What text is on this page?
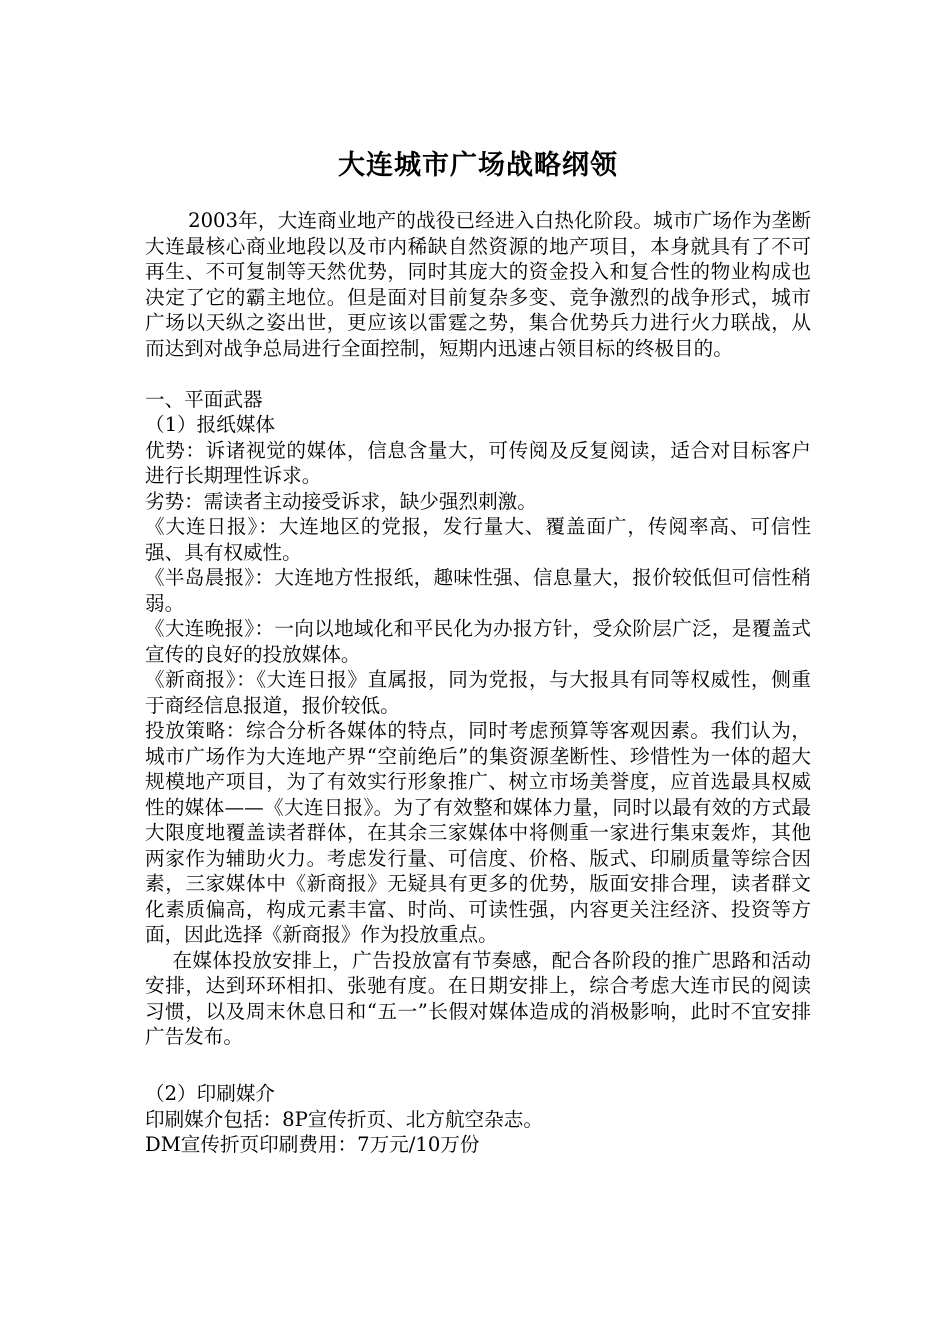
大连城市广场战略纲领

2003年，大连商业地产的战役已经进入白热化阶段。城市广场作为垄断大连最核心商业地段以及市内稀缺自然资源的地产项目，本身就具有了不可再生、不可复制等天然优势，同时其庞大的资金投入和复合性的物业构成也决定了它的霸主地位。但是面对目前复杂多变、竞争激烈的战争形式，城市广场以天纵之姿出世，更应该以雷霆之势，集合优势兵力进行火力联战，从而达到对战争总局进行全面控制，短期内迅速占领目标的终极目的。

一、平面武器

（1）报纸媒体

优势：诉诸视觉的媒体，信息含量大，可传阅及反复阅读，适合对目标客户进行长期理性诉求。

劣势：需读者主动接受诉求，缺少强烈刺激。

《大连日报》：大连地区的党报，发行量大、覆盖面广，传阅率高、可信性强、具有权威性。

《半岛晨报》：大连地方性报纸，趣味性强、信息量大，报价较低但可信性稍弱。

《大连晚报》：一向以地域化和平民化为办报方针，受众阶层广泛，是覆盖式宣传的良好的投放媒体。

《新商报》：《大连日报》直属报，同为党报，与大报具有同等权威性，侧重于商经信息报道，报价较低。

投放策略：综合分析各媒体的特点，同时考虑预算等客观因素。我们认为，城市广场作为大连地产界“空前绝后”的集资源垄断性、珍惜性为一体的超大规模地产项目，为了有效实行形象推广、树立市场美誉度，应首选最具权威性的媒体——《大连日报》。为了有效整和媒体力量，同时以最有效的方式最大限度地覆盖读者群体，在其余三家媒体中将侧重一家进行集束轰炸，其他两家作为辅助火力。考虑发行量、可信度、价格、版式、印刷质量等综合因素，三家媒体中《新商报》无疑具有更多的优势，版面安排合理，读者群文化素质偏高，构成元素丰富、时尚、可读性强，内容更关注经济、投资等方面，因此选择《新商报》作为投放重点。

在媒体投放安排上，广告投放富有节奏感，配合各阶段的推广思路和活动安排，达到环环相扣、张驰有度。在日期安排上，综合考虑大连市民的阅读习惯，以及周末休息日和“五一”长假对媒体造成的消极影响，此时不宜安排广告发布。

（2）印刷媒介

印刷媒介包括：8P宣传折页、北方航空杂志。

DM宣传折页印刷费用：7万元/10万份
